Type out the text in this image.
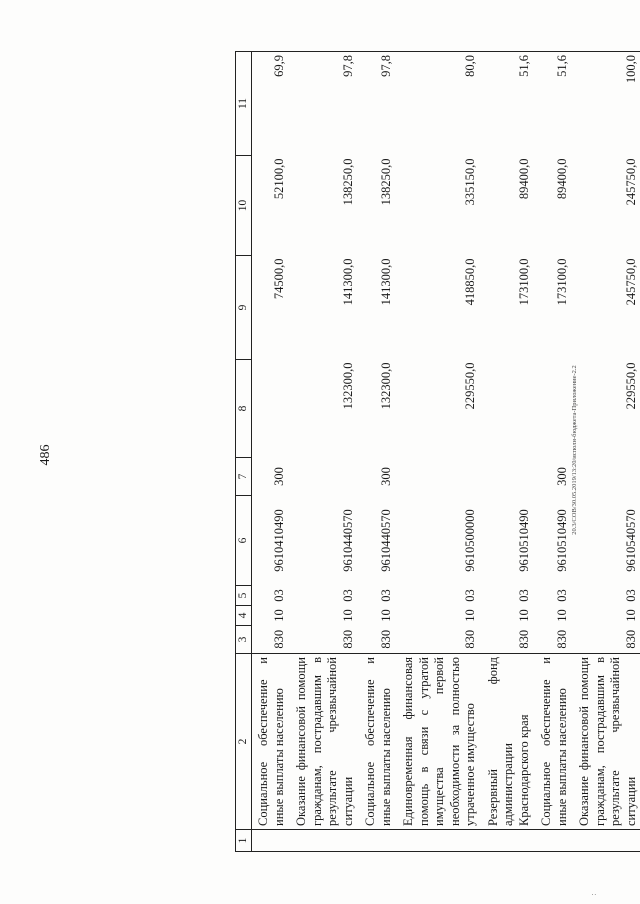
486
1	2	3	4	5	6	7	8	9	10	11
	Социальное обеспечение и иные выплаты населению	830	10	03	9610410490	300		74500,0	52100,0	69,9
	Оказание финансовой помощи гражданам, пострадавшим в результате чрезвычайной ситуации	830	10	03	9610440570		132300,0	141300,0	138250,0	97,8
	Социальное обеспечение и иные выплаты населению	830	10	03	9610440570	300	132300,0	141300,0	138250,0	97,8
	Единовременная финансовая помощь в связи с утратой имущества первой необходимости за полностью утраченное имущество	830	10	03	9610500000		229550,0	418850,0	335150,0	80,0
	Резервный фонд администрации Краснодарского края	830	10	03	9610510490			173100,0	89400,0	51,6
	Социальное обеспечение и иные выплаты населению	830	10	03	9610510490	300		173100,0	89400,0	51,6
	Оказание финансовой помощи гражданам, пострадавшим в результате чрезвычайной ситуации	830	10	03	9610540570		229550,0	245750,0	245750,0	100,0
20.3/СОВ/30.05.2019/13:20/исполн-бюджета-Приложение-2.2
 ..
